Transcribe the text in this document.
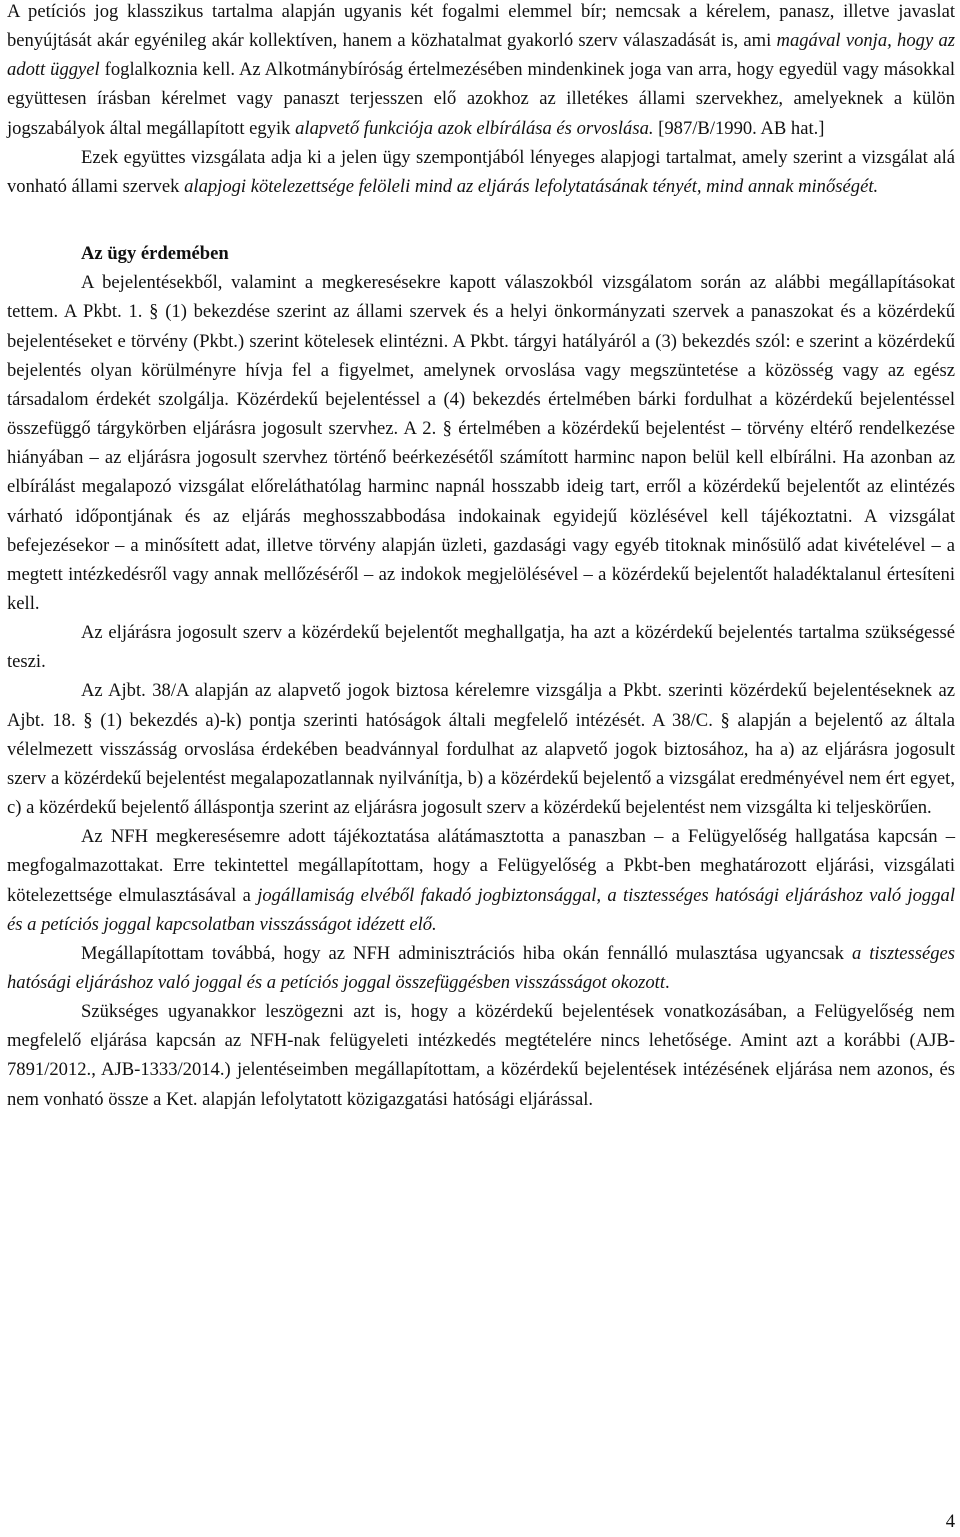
A petíciós jog klasszikus tartalma alapján ugyanis két fogalmi elemmel bír; nemcsak a kérelem, panasz, illetve javaslat benyújtását akár egyénileg akár kollektíven, hanem a közhatalmat gyakorló szerv válaszadását is, ami magával vonja, hogy az adott üggyel foglalkoznia kell. Az Alkotmánybíróság értelmezésében mindenkinek joga van arra, hogy egyedül vagy másokkal együttesen írásban kérelmet vagy panaszt terjesszen elő azokhoz az illetékes állami szervekhez, amelyeknek a külön jogszabályok által megállapított egyik alapvető funkciója azok elbírálása és orvoslása. [987/B/1990. AB hat.]

Ezek együttes vizsgálata adja ki a jelen ügy szempontjából lényeges alapjogi tartalmat, amely szerint a vizsgálat alá vonható állami szervek alapjogi kötelezettsége felöleli mind az eljárás lefolytatásának tényét, mind annak minőségét.

Az ügy érdemében

A bejelentésekből, valamint a megkeresésekre kapott válaszokból vizsgálatom során az alábbi megállapításokat tettem. A Pkbt. 1. § (1) bekezdése szerint az állami szervek és a helyi önkormányzati szervek a panaszokat és a közérdekű bejelentéseket e törvény (Pkbt.) szerint kötelesek elintézni. A Pkbt. tárgyi hatályáról a (3) bekezdés szól: e szerint a közérdekű bejelentés olyan körülményre hívja fel a figyelmet, amelynek orvoslása vagy megszüntetése a közösség vagy az egész társadalom érdekét szolgálja. Közérdekű bejelentéssel a (4) bekezdés értelmében bárki fordulhat a közérdekű bejelentéssel összefüggő tárgykörben eljárásra jogosult szervhez. A 2. § értelmében a közérdekű bejelentést – törvény eltérő rendelkezése hiányában – az eljárásra jogosult szervhez történő beérkezésétől számított harminc napon belül kell elbírálni. Ha azonban az elbírálást megalapozó vizsgálat előreláthatólag harminc napnál hosszabb ideig tart, erről a közérdekű bejelentőt az elintézés várható időpontjának és az eljárás meghosszabbodása indokainak egyidejű közlésével kell tájékoztatni. A vizsgálat befejezésekor – a minősített adat, illetve törvény alapján üzleti, gazdasági vagy egyéb titoknak minősülő adat kivételével – a megtett intézkedésről vagy annak mellőzéséről – az indokok megjelölésével – a közérdekű bejelentőt haladéktalanul értesíteni kell.

Az eljárásra jogosult szerv a közérdekű bejelentőt meghallgatja, ha azt a közérdekű bejelentés tartalma szükségessé teszi.

Az Ajbt. 38/A alapján az alapvető jogok biztosa kérelemre vizsgálja a Pkbt. szerinti közérdekű bejelentéseknek az Ajbt. 18. § (1) bekezdés a)-k) pontja szerinti hatóságok általi megfelelő intézését. A 38/C. § alapján a bejelentő az általa vélelmezett visszásság orvoslása érdekében beadvánnyal fordulhat az alapvető jogok biztosához, ha a) az eljárásra jogosult szerv a közérdekű bejelentést megalapozatlannak nyilvánítja, b) a közérdekű bejelentő a vizsgálat eredményével nem ért egyet, c) a közérdekű bejelentő álláspontja szerint az eljárásra jogosult szerv a közérdekű bejelentést nem vizsgálta ki teljeskörűen.

Az NFH megkeresésemre adott tájékoztatása alátámasztotta a panaszban – a Felügyelőség hallgatása kapcsán – megfogalmazottakat. Erre tekintettel megállapítottam, hogy a Felügyelőség a Pkbt-ben meghatározott eljárási, vizsgálati kötelezettsége elmulasztásával a jogállamiság elvéből fakadó jogbiztonsággal, a tisztességes hatósági eljáráshoz való joggal és a petíciós joggal kapcsolatban visszásságot idézett elő.

Megállapítottam továbbá, hogy az NFH adminisztrációs hiba okán fennálló mulasztása ugyancsak a tisztességes hatósági eljáráshoz való joggal és a petíciós joggal összefüggésben visszásságot okozott.

Szükséges ugyanakkor leszögezni azt is, hogy a közérdekű bejelentések vonatkozásában, a Felügyelőség nem megfelelő eljárása kapcsán az NFH-nak felügyeleti intézkedés megtételére nincs lehetősége. Amint azt a korábbi (AJB-7891/2012., AJB-1333/2014.) jelentéseimben megállapítottam, a közérdekű bejelentések intézésének eljárása nem azonos, és nem vonható össze a Ket. alapján lefolytatott közigazgatási hatósági eljárással.

4
